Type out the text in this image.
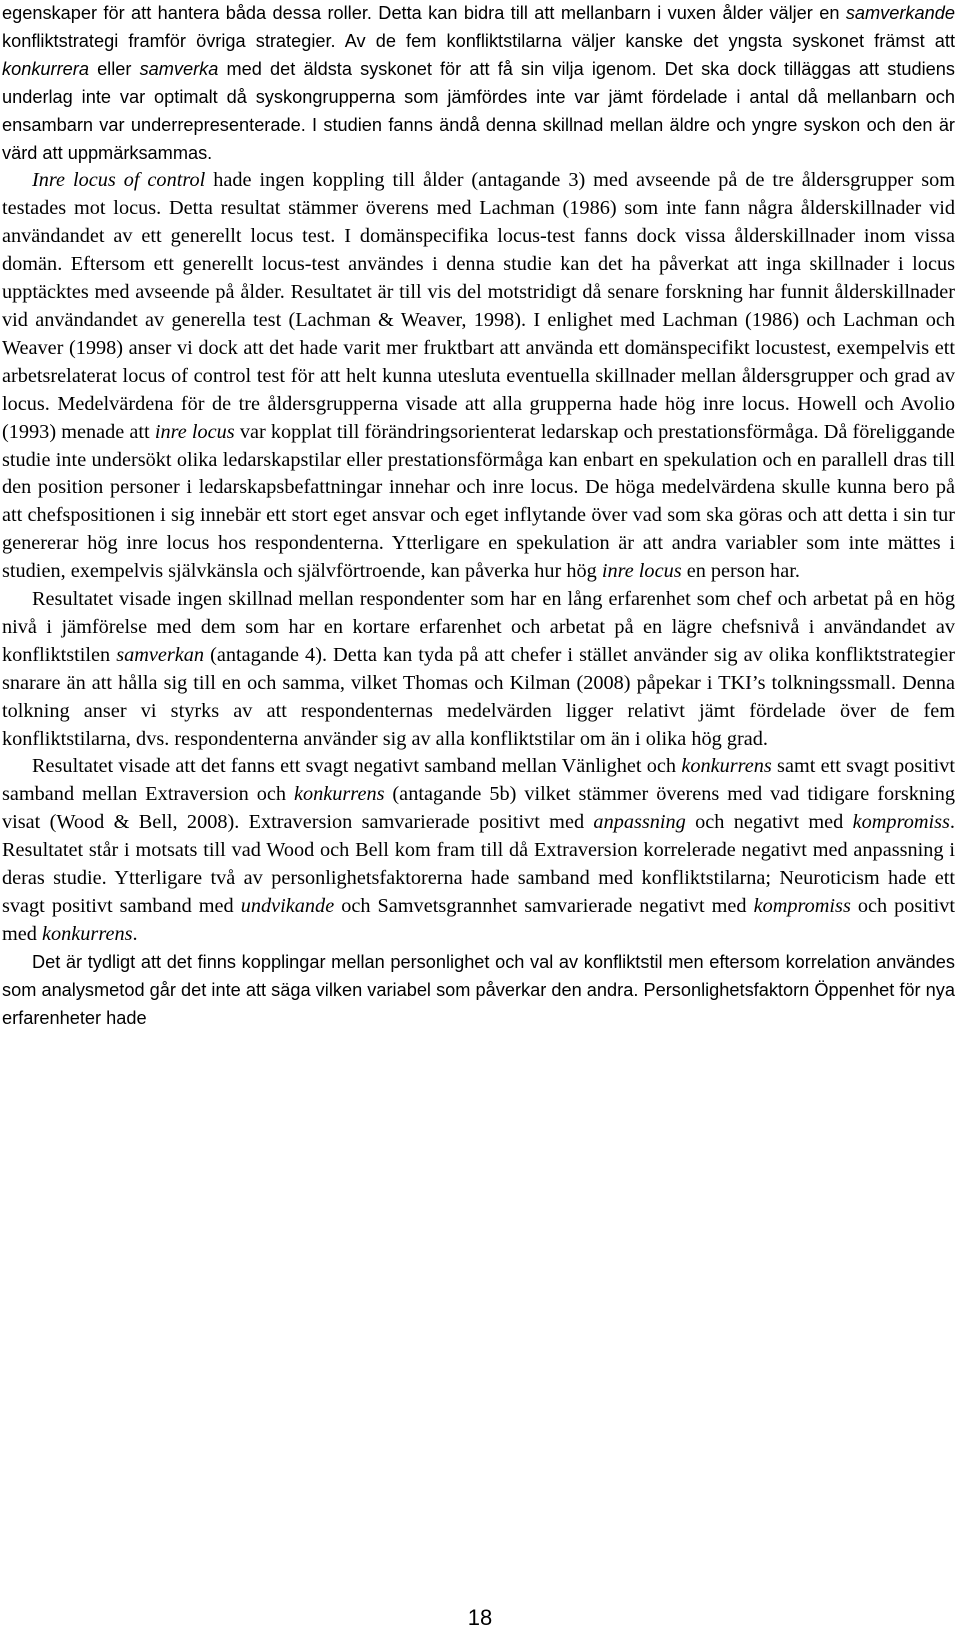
egenskaper för att hantera båda dessa roller. Detta kan bidra till att mellanbarn i vuxen ålder väljer en samverkande konfliktstrategi framför övriga strategier. Av de fem konfliktstilarna väljer kanske det yngsta syskonet främst att konkurrera eller samverka med det äldsta syskonet för att få sin vilja igenom. Det ska dock tilläggas att studiens underlag inte var optimalt då syskongrupperna som jämfördes inte var jämt fördelade i antal då mellanbarn och ensambarn var underrepresenterade. I studien fanns ändå denna skillnad mellan äldre och yngre syskon och den är värd att uppmärksammas.

Inre locus of control hade ingen koppling till ålder (antagande 3) med avseende på de tre åldersgrupper som testades mot locus. Detta resultat stämmer överens med Lachman (1986) som inte fann några ålderskillnader vid användandet av ett generellt locus test. I domänspecifika locus-test fanns dock vissa ålderskillnader inom vissa domän. Eftersom ett generellt locus-test användes i denna studie kan det ha påverkat att inga skillnader i locus upptäcktes med avseende på ålder. Resultatet är till vis del motstridigt då senare forskning har funnit ålderskillnader vid användandet av generella test (Lachman & Weaver, 1998). I enlighet med Lachman (1986) och Lachman och Weaver (1998) anser vi dock att det hade varit mer fruktbart att använda ett domänspecifikt locustest, exempelvis ett arbetsrelaterat locus of control test för att helt kunna utesluta eventuella skillnader mellan åldersgrupper och grad av locus. Medelvärdena för de tre åldersgrupperna visade att alla grupperna hade hög inre locus. Howell och Avolio (1993) menade att inre locus var kopplat till förändringsorienterat ledarskap och prestationsförmåga. Då föreliggande studie inte undersökt olika ledarskapstilar eller prestationsförmåga kan enbart en spekulation och en parallell dras till den position personer i ledarskapsbefattningar innehar och inre locus. De höga medelvärdena skulle kunna bero på att chefspositionen i sig innebär ett stort eget ansvar och eget inflytande över vad som ska göras och att detta i sin tur genererar hög inre locus hos respondenterna. Ytterligare en spekulation är att andra variabler som inte mättes i studien, exempelvis självkänsla och självförtroende, kan påverka hur hög inre locus en person har.

Resultatet visade ingen skillnad mellan respondenter som har en lång erfarenhet som chef och arbetat på en hög nivå i jämförelse med dem som har en kortare erfarenhet och arbetat på en lägre chefsnivå i användandet av konfliktstilen samverkan (antagande 4). Detta kan tyda på att chefer i stället använder sig av olika konfliktstrategier snarare än att hålla sig till en och samma, vilket Thomas och Kilman (2008) påpekar i TKI’s tolkningssmall. Denna tolkning anser vi styrks av att respondenternas medelvärden ligger relativt jämt fördelade över de fem konfliktstilarna, dvs. respondenterna använder sig av alla konfliktstilar om än i olika hög grad.

Resultatet visade att det fanns ett svagt negativt samband mellan Vänlighet och konkurrens samt ett svagt positivt samband mellan Extraversion och konkurrens (antagande 5b) vilket stämmer överens med vad tidigare forskning visat (Wood & Bell, 2008). Extraversion samvarierade positivt med anpassning och negativt med kompromiss. Resultatet står i motsats till vad Wood och Bell kom fram till då Extraversion korrelerade negativt med anpassning i deras studie. Ytterligare två av personlighetsfaktorerna hade samband med konfliktstilarna; Neuroticism hade ett svagt positivt samband med undvikande och Samvetsgrannhet samvarierade negativt med kompromiss och positivt med konkurrens.

Det är tydligt att det finns kopplingar mellan personlighet och val av konfliktstil men eftersom korrelation användes som analysmetod går det inte att säga vilken variabel som påverkar den andra. Personlighetsfaktorn Öppenhet för nya erfarenheter hade

18
